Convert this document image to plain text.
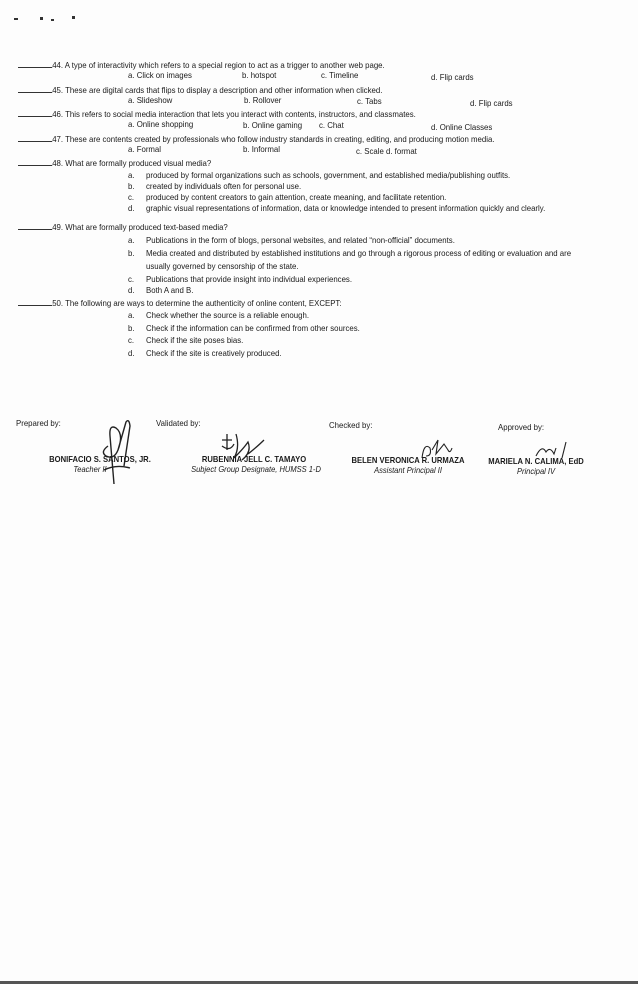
44. A type of interactivity which refers to a special region to act as a trigger to another web page.
a. Click on images	b. hotspot	c. Timeline	d. Flip cards
45. These are digital cards that flips to display a description and other information when clicked.
a. Slideshow	b. Rollover	c. Tabs	d. Flip cards
46. This refers to social media interaction that lets you interact with contents, instructors, and classmates.
a. Online shopping	b. Online gaming c. Chat	d. Online Classes
47. These are contents created by professionals who follow industry standards in creating, editing, and producing motion media.
a. Formal	b. Informal	c. Scale d. format
48. What are formally produced visual media?
a. produced by formal organizations such as schools, government, and established media/publishing outfits.
b. created by individuals often for personal use.
c. produced by content creators to gain attention, create meaning, and facilitate retention.
d. graphic visual representations of information, data or knowledge intended to present information quickly and clearly.
49. What are formally produced text-based media?
a. Publications in the form of blogs, personal websites, and related “non-official” documents.
b. Media created and distributed by established institutions and go through a rigorous process of editing or evaluation and are
usually governed by censorship of the state.
c. Publications that provide insight into individual experiences.
d. Both A and B.
50. The following are ways to determine the authenticity of online content, EXCEPT:
a. Check whether the source is a reliable enough.
b. Check if the information can be confirmed from other sources.
c. Check if the site poses bias.
d. Check if the site is creatively produced.
Prepared by:	Validated by:	Checked by:	Approved by:
BONIFACIO S. SANTOS, JR.
Teacher II
RUBENNIA JELL C. TAMAYO
Subject Group Designate, HUMSS 1-D
BELEN VERONICA R. URMAZA
Assistant Principal II
MARIELA N. CALIMA, EdD
Principal IV
